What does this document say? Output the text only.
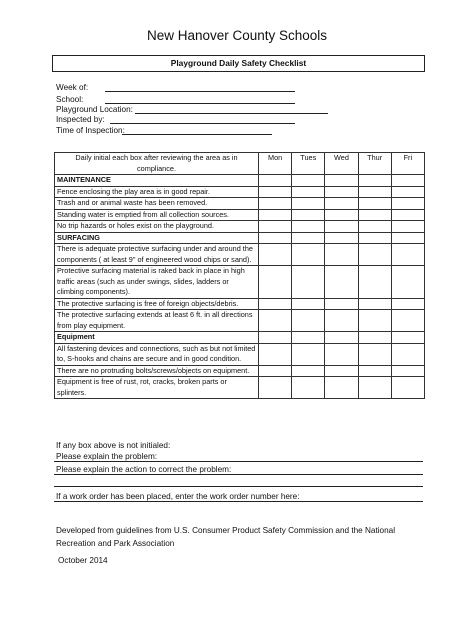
New Hanover County Schools
Playground Daily Safety Checklist
Week of:
School:
Playground Location:
Inspected by:
Time of Inspection:
Daily initial each box after reviewing the area as in compliance.	Mon	Tues	Wed	Thur	Fri
MAINTENANCE					
Fence enclosing the play area is in good repair.					
Trash and or animal waste has been removed.					
Standing water is emptied from all collection sources.					
No trip hazards or holes exist on the playground.					
SURFACING					
There is adequate protective surfacing under and around the components ( at least 9" of engineered wood chips or sand).					
Protective surfacing material is raked back in place in high traffic areas (such as under swings, slides, ladders or climbing components).					
The protective surfacing is free of foreign objects/debris.					
The protective surfacing extends at least 6 ft. in all directions from play equipment.					
Equipment					
All fastening devices and connections, such as but not limited to, S-hooks and chains are secure and in good condition.					
There are no protruding bolts/screws/objects on equipment.					
Equipment is free of rust, rot, cracks, broken parts or splinters.					
If any box above is not initialed:
Please explain the problem:
Please explain the action to correct the problem:
If a work order has been placed, enter the work order number here:
Developed from guidelines from U.S. Consumer Product Safety Commission and the National Recreation and Park Association
October 2014
